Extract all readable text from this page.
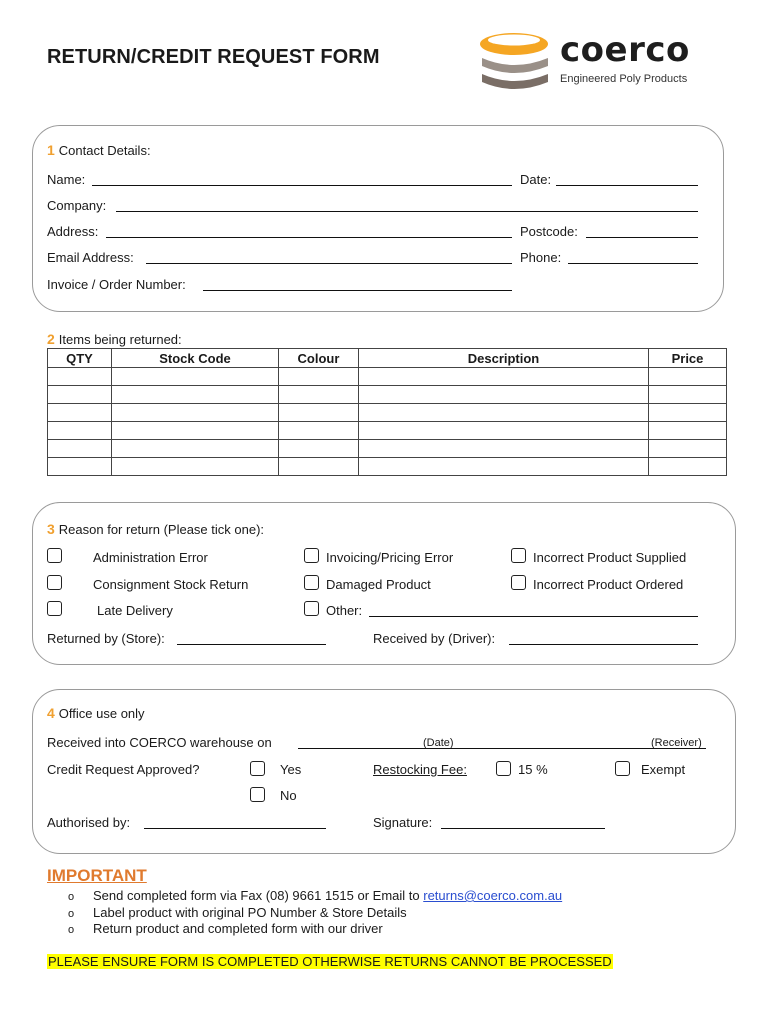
RETURN/CREDIT REQUEST FORM	coerco
Engineered Poly Products
1 Contact Details:
Name:	Date:
Company:
Address:	Postcode:
Email Address:	Phone:
Invoice / Order Number:
2 Items being returned:
QTY	Stock Code	Colour	Description	Price

3 Reason for return (Please tick one):
Administration Error	Invoicing/Pricing Error	Incorrect Product Supplied
Consignment Stock Return	Damaged Product	Incorrect Product Ordered
Late Delivery	Other:
Returned by (Store):	Received by (Driver):
4 Office use only
Received into COERCO warehouse on	(Date)	(Receiver)
Credit Request Approved?	Yes	Restocking Fee:	15 %	Exempt
No
Authorised by:	Signature:
IMPORTANT
o Send completed form via Fax (08) 9661 1515 or Email to returns@coerco.com.au
o Label product with original PO Number & Store Details
o Return product and completed form with our driver
PLEASE ENSURE FORM IS COMPLETED OTHERWISE RETURNS CANNOT BE PROCESSED
